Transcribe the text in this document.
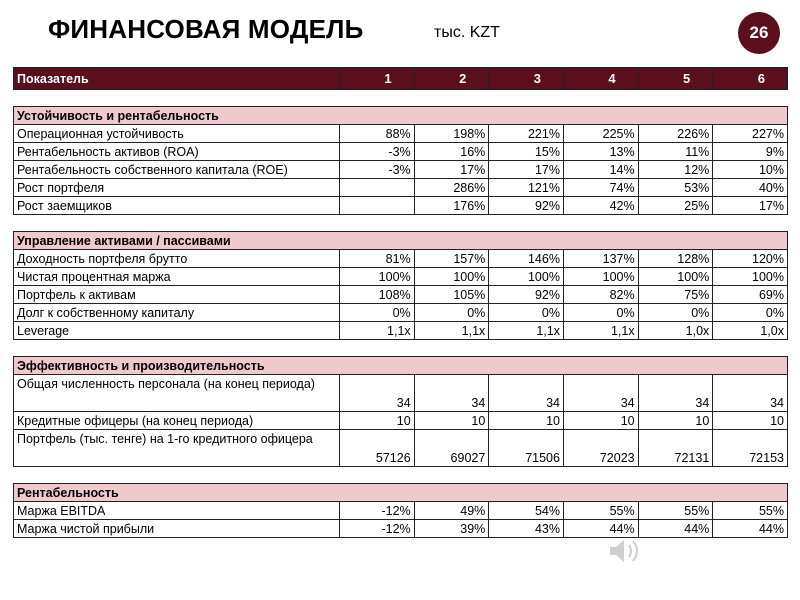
ФИНАНСОВАЯ МОДЕЛЬ	тыс. KZT	26
Показатель	1	2	3	4	5	6

Устойчивость и рентабельность						
Операционная устойчивость	88%	198%	221%	225%	226%	227%
Рентабельность активов (ROA)	-3%	16%	15%	13%	11%	9%
Рентабельность собственного капитала (ROE)	-3%	17%	17%	14%	12%	10%
Рост портфеля		286%	121%	74%	53%	40%
Рост заемщиков		176%	92%	42%	25%	17%

Управление активами / пассивами						
Доходность портфеля брутто	81%	157%	146%	137%	128%	120%
Чистая процентная маржа	100%	100%	100%	100%	100%	100%
Портфель к активам	108%	105%	92%	82%	75%	69%
Долг к собственному капиталу	0%	0%	0%	0%	0%	0%
Leverage	1,1x	1,1x	1,1x	1,1x	1,0x	1,0x

Эффективность и производительность						
Общая численность персонала (на конец периода)	34	34	34	34	34	34
Кредитные офицеры (на конец периода)	10	10	10	10	10	10
Портфель (тыс. тенге) на 1-го кредитного офицера	57126	69027	71506	72023	72131	72153

Рентабельность						
Маржа EBITDA	-12%	49%	54%	55%	55%	55%
Маржа чистой прибыли	-12%	39%	43%	44%	44%	44%
